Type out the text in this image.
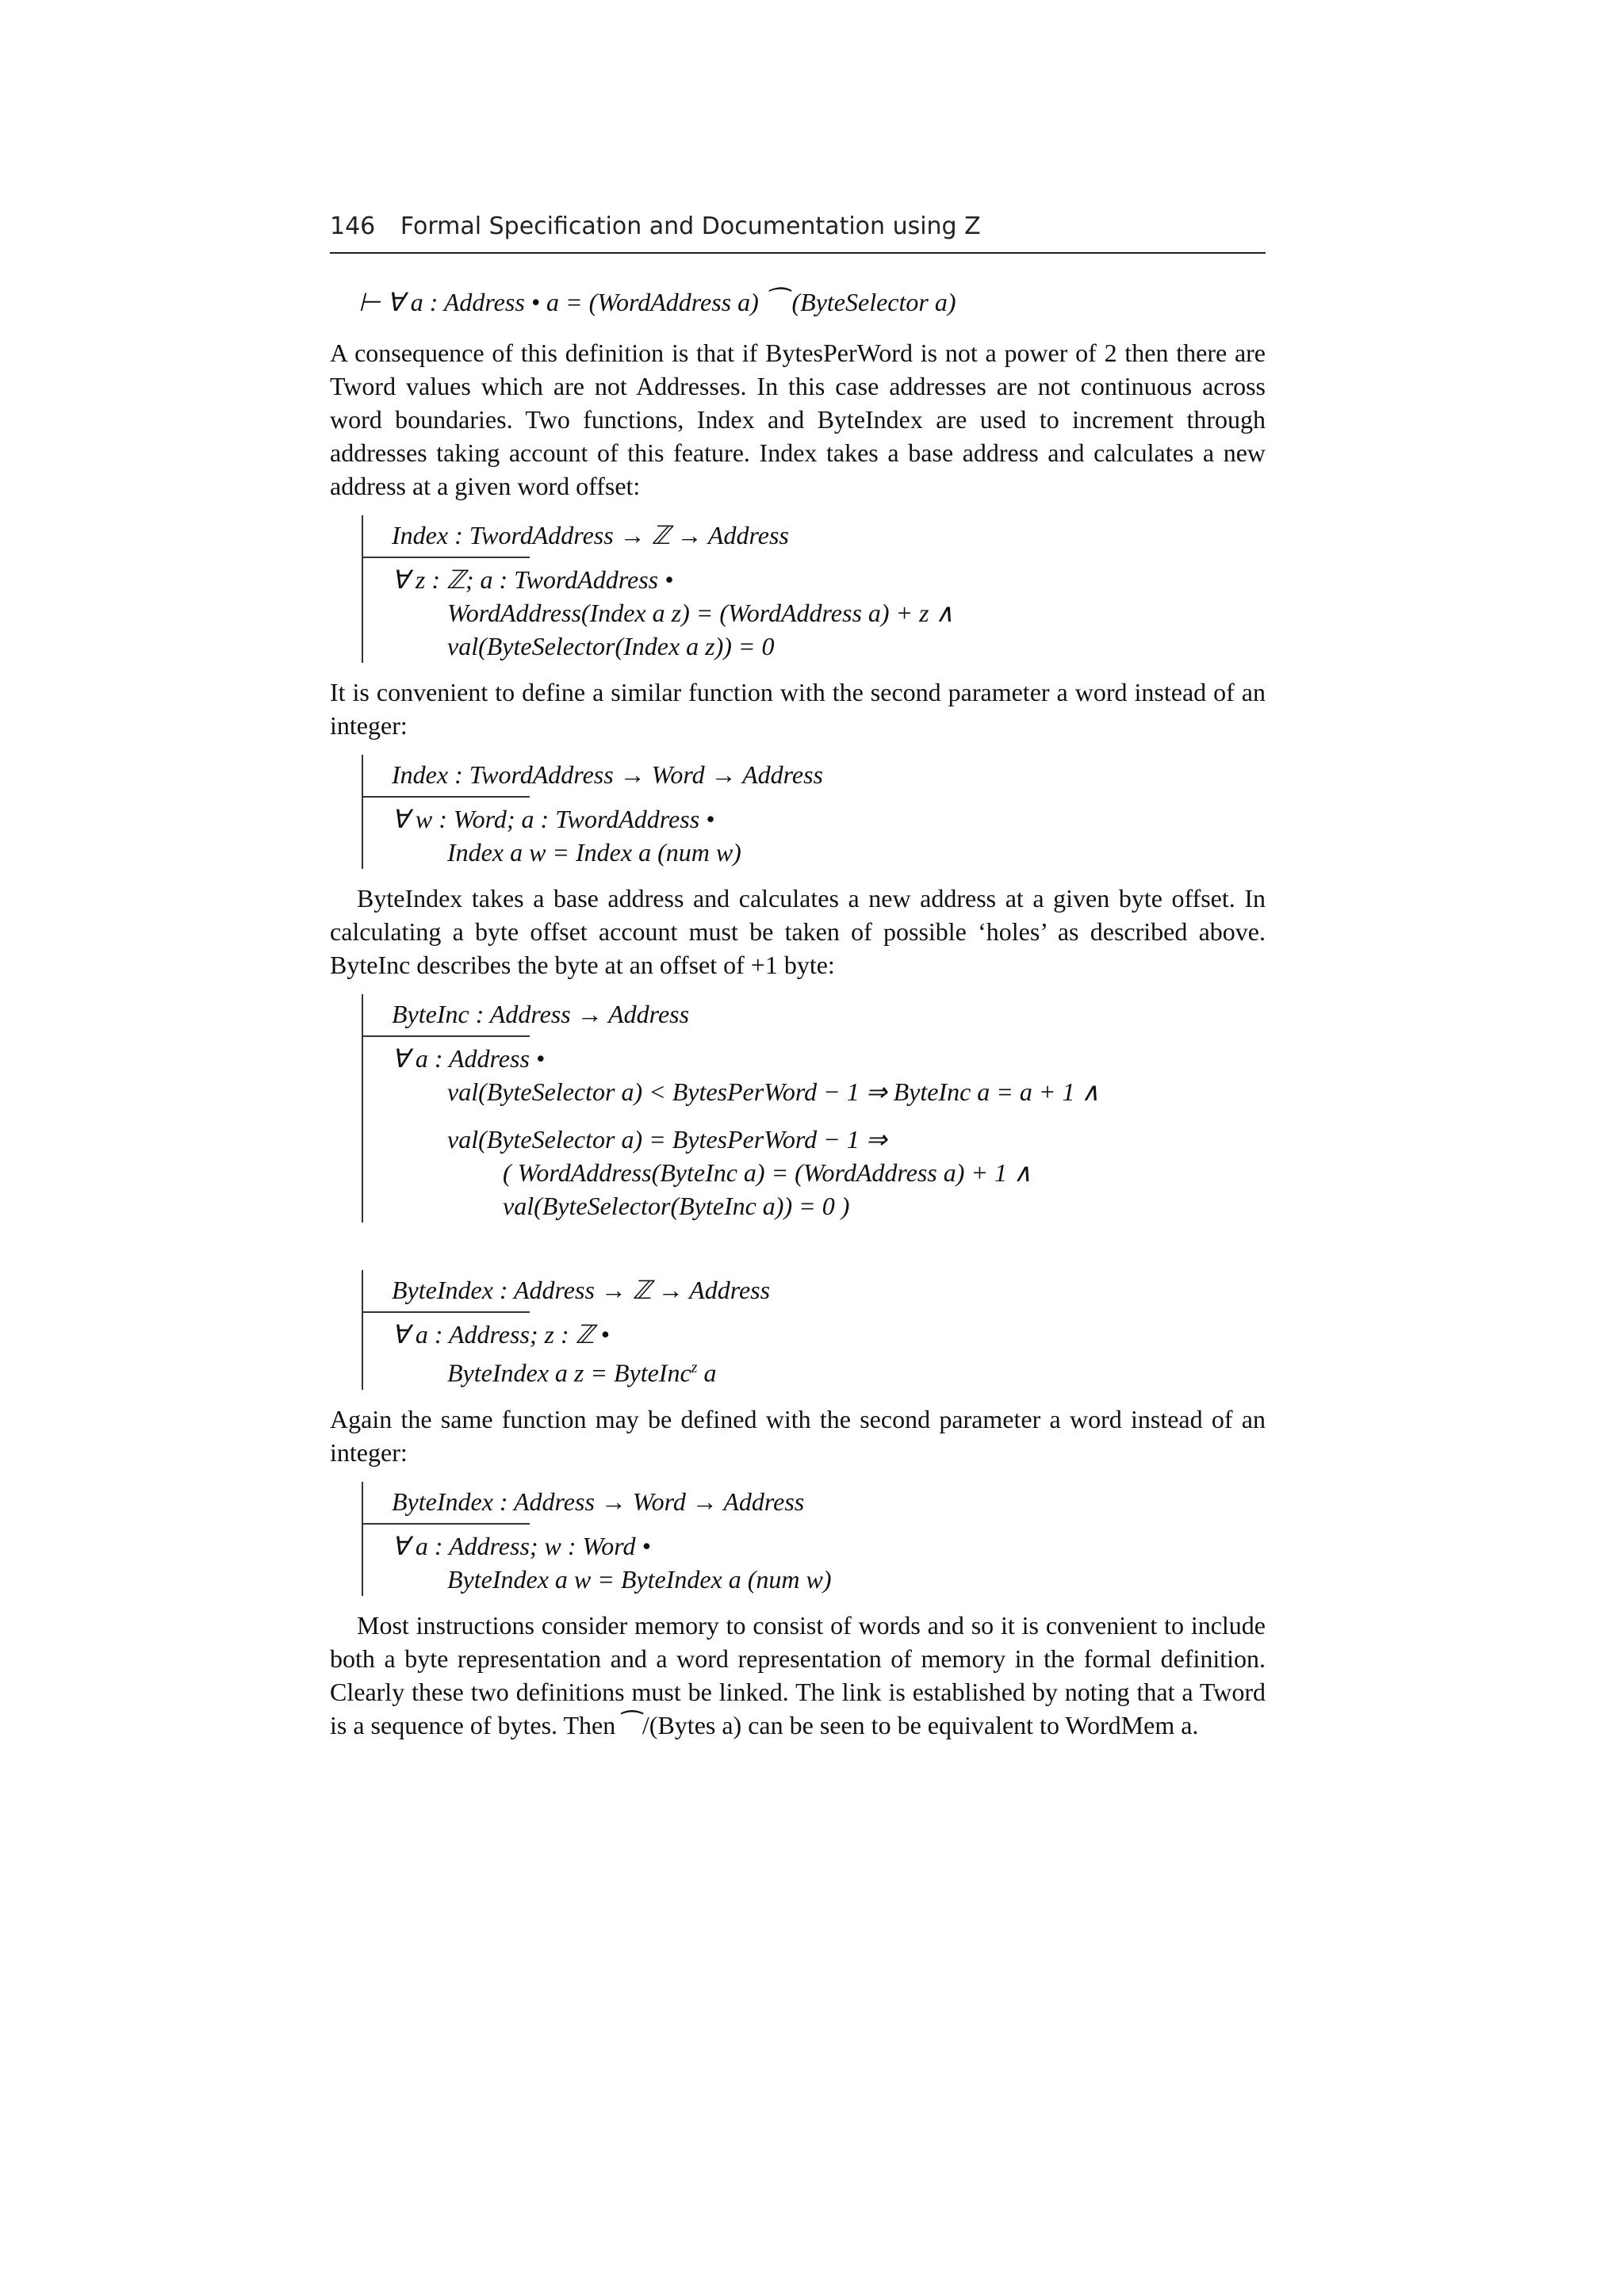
146 Formal Specification and Documentation using Z
⊢ ∀ a : Address • a = (WordAddress a) ⁀ (ByteSelector a)

A consequence of this definition is that if BytesPerWord is not a power of 2 then there are Tword values which are not Addresses. In this case addresses are not continuous across word boundaries. Two functions, Index and ByteIndex are used to increment through addresses taking account of this feature. Index takes a base address and calculates a new address at a given word offset:

Index : TwordAddress → ℤ → Address
∀ z : ℤ; a : TwordAddress •
WordAddress(Index a z) = (WordAddress a) + z ∧
val(ByteSelector(Index a z)) = 0

It is convenient to define a similar function with the second parameter a word instead of an integer:

Index : TwordAddress → Word → Address
∀ w : Word; a : TwordAddress •
Index a w = Index a (num w)

ByteIndex takes a base address and calculates a new address at a given byte offset. In calculating a byte offset account must be taken of possible ‘holes’ as described above. ByteInc describes the byte at an offset of +1 byte:

ByteInc : Address → Address
∀ a : Address •
val(ByteSelector a) < BytesPerWord − 1 ⇒ ByteInc a = a + 1 ∧
val(ByteSelector a) = BytesPerWord − 1 ⇒
( WordAddress(ByteInc a) = (WordAddress a) + 1 ∧
val(ByteSelector(ByteInc a)) = 0 )
ByteIndex : Address → ℤ → Address
∀ a : Address; z : ℤ •
ByteIndex a z = ByteInc$^z$ a

Again the same function may be defined with the second parameter a word instead of an integer:

ByteIndex : Address → Word → Address
∀ a : Address; w : Word •
ByteIndex a w = ByteIndex a (num w)

Most instructions consider memory to consist of words and so it is convenient to include both a byte representation and a word representation of memory in the formal definition. Clearly these two definitions must be linked. The link is established by noting that a Tword is a sequence of bytes. Then ⁀/(Bytes a) can be seen to be equivalent to WordMem a.
